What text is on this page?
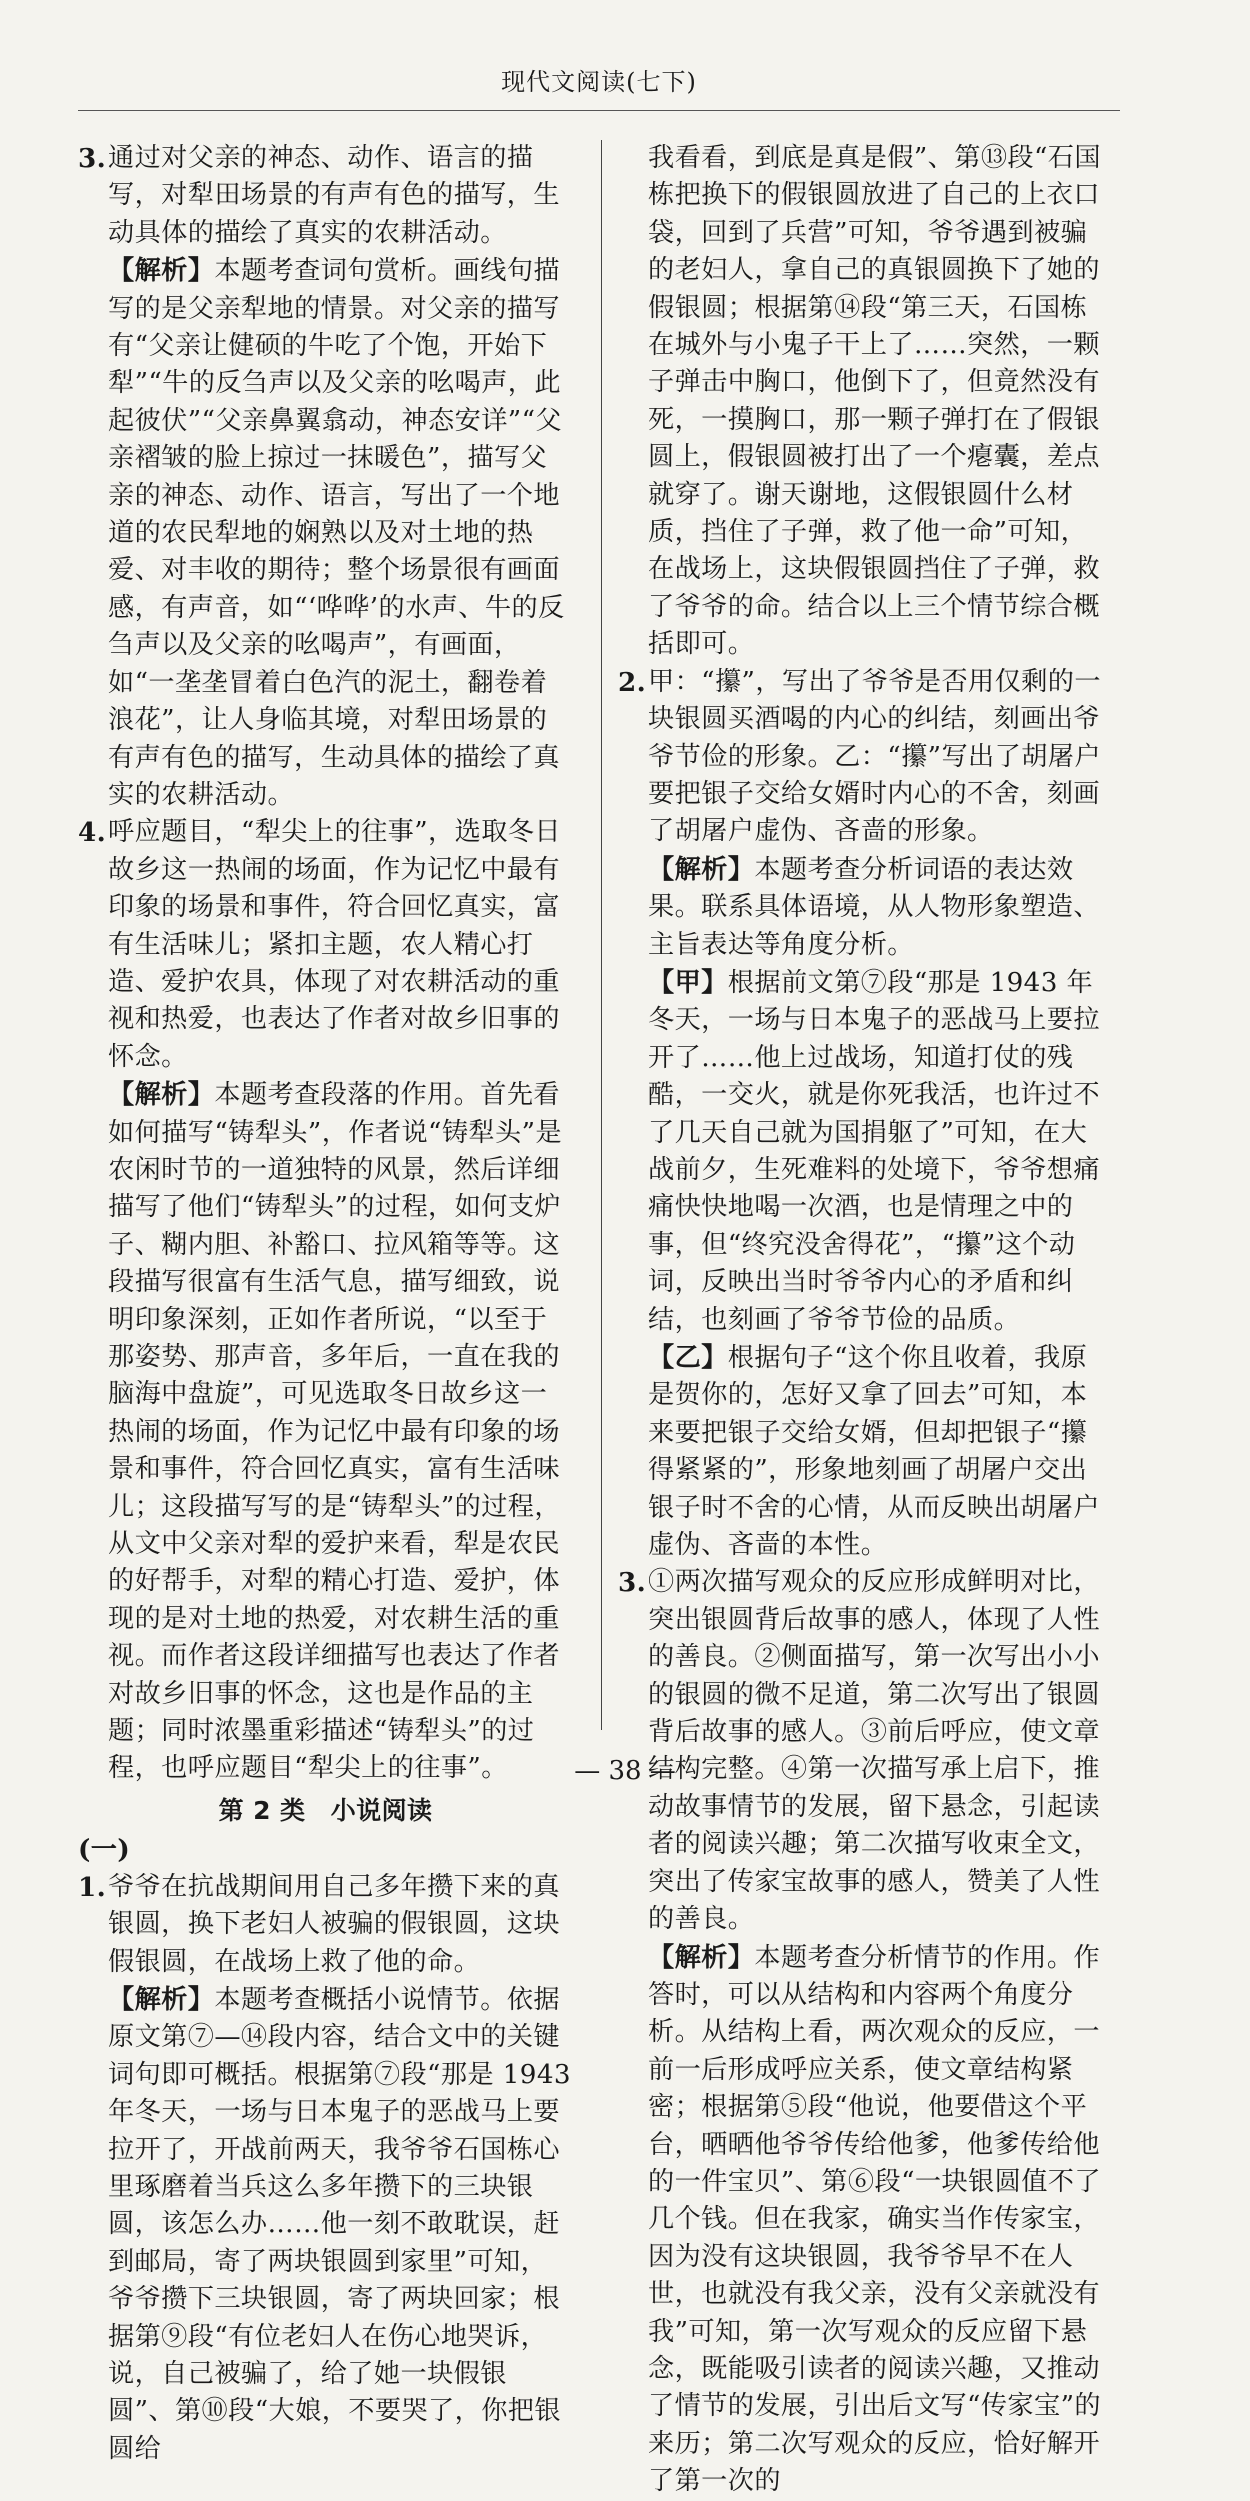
现代文阅读(七下)
3. 通过对父亲的神态、动作、语言的描写，对犁田场景的有声有色的描写，生动具体的描绘了真实的农耕活动。

【解析】本题考查词句赏析。画线句描写的是父亲犁地的情景。对父亲的描写有“父亲让健硕的牛吃了个饱，开始下犁”“牛的反刍声以及父亲的吆喝声，此起彼伏”“父亲鼻翼翕动，神态安详”“父亲褶皱的脸上掠过一抹暖色”，描写父亲的神态、动作、语言，写出了一个地道的农民犁地的娴熟以及对土地的热爱、对丰收的期待；整个场景很有画面感，有声音，如“‘哗哗’的水声、牛的反刍声以及父亲的吆喝声”，有画面，如“一垄垄冒着白色汽的泥土，翻卷着浪花”，让人身临其境，对犁田场景的有声有色的描写，生动具体的描绘了真实的农耕活动。

4. 呼应题目，“犁尖上的往事”，选取冬日故乡这一热闹的场面，作为记忆中最有印象的场景和事件，符合回忆真实，富有生活味儿；紧扣主题，农人精心打造、爱护农具，体现了对农耕活动的重视和热爱，也表达了作者对故乡旧事的怀念。

【解析】本题考查段落的作用。首先看如何描写“铸犁头”，作者说“铸犁头”是农闲时节的一道独特的风景，然后详细描写了他们“铸犁头”的过程，如何支炉子、糊内胆、补豁口、拉风箱等等。这段描写很富有生活气息，描写细致，说明印象深刻，正如作者所说，“以至于那姿势、那声音，多年后，一直在我的脑海中盘旋”，可见选取冬日故乡这一热闹的场面，作为记忆中最有印象的场景和事件，符合回忆真实，富有生活味儿；这段描写写的是“铸犁头”的过程，从文中父亲对犁的爱护来看，犁是农民的好帮手，对犁的精心打造、爱护，体现的是对土地的热爱，对农耕生活的重视。而作者这段详细描写也表达了作者对故乡旧事的怀念，这也是作品的主题；同时浓墨重彩描述“铸犁头”的过程，也呼应题目“犁尖上的往事”。

第 2 类　小说阅读
(一)
1. 爷爷在抗战期间用自己多年攒下来的真银圆，换下老妇人被骗的假银圆，这块假银圆，在战场上救了他的命。

【解析】本题考查概括小说情节。依据原文第⑦—⑭段内容，结合文中的关键词句即可概括。根据第⑦段“那是 1943 年冬天，一场与日本鬼子的恶战马上要拉开了，开战前两天，我爷爷石国栋心里琢磨着当兵这么多年攒下的三块银圆，该怎么办……他一刻不敢耽误，赶到邮局，寄了两块银圆到家里”可知，爷爷攒下三块银圆，寄了两块回家；根据第⑨段“有位老妇人在伤心地哭诉，说，自己被骗了，给了她一块假银圆”、第⑩段“大娘，不要哭了，你把银圆给

我看看，到底是真是假”、第⑬段“石国栋把换下的假银圆放进了自己的上衣口袋，回到了兵营”可知，爷爷遇到被骗的老妇人，拿自己的真银圆换下了她的假银圆；根据第⑭段“第三天，石国栋在城外与小鬼子干上了……突然，一颗子弹击中胸口，他倒下了，但竟然没有死，一摸胸口，那一颗子弹打在了假银圆上，假银圆被打出了一个瘪囊，差点就穿了。谢天谢地，这假银圆什么材质，挡住了子弹，救了他一命”可知，在战场上，这块假银圆挡住了子弹，救了爷爷的命。结合以上三个情节综合概括即可。

2. 甲：“攥”，写出了爷爷是否用仅剩的一块银圆买酒喝的内心的纠结，刻画出爷爷节俭的形象。乙：“攥”写出了胡屠户要把银子交给女婿时内心的不舍，刻画了胡屠户虚伪、吝啬的形象。

【解析】本题考查分析词语的表达效果。联系具体语境，从人物形象塑造、主旨表达等角度分析。

【甲】根据前文第⑦段“那是 1943 年冬天，一场与日本鬼子的恶战马上要拉开了……他上过战场，知道打仗的残酷，一交火，就是你死我活，也许过不了几天自己就为国捐躯了”可知，在大战前夕，生死难料的处境下，爷爷想痛痛快快地喝一次酒，也是情理之中的事，但“终究没舍得花”，“攥”这个动词，反映出当时爷爷内心的矛盾和纠结，也刻画了爷爷节俭的品质。

【乙】根据句子“这个你且收着，我原是贺你的，怎好又拿了回去”可知，本来要把银子交给女婿，但却把银子“攥得紧紧的”，形象地刻画了胡屠户交出银子时不舍的心情，从而反映出胡屠户虚伪、吝啬的本性。

3. ①两次描写观众的反应形成鲜明对比，突出银圆背后故事的感人，体现了人性的善良。②侧面描写，第一次写出小小的银圆的微不足道，第二次写出了银圆背后故事的感人。③前后呼应，使文章结构完整。④第一次描写承上启下，推动故事情节的发展，留下悬念，引起读者的阅读兴趣；第二次描写收束全文，突出了传家宝故事的感人，赞美了人性的善良。

【解析】本题考查分析情节的作用。作答时，可以从结构和内容两个角度分析。从结构上看，两次观众的反应，一前一后形成呼应关系，使文章结构紧密；根据第⑤段“他说，他要借这个平台，晒晒他爷爷传给他爹，他爹传给他的一件宝贝”、第⑥段“一块银圆值不了几个钱。但在我家，确实当作传家宝，因为没有这块银圆，我爷爷早不在人世，也就没有我父亲，没有父亲就没有我”可知，第一次写观众的反应留下悬念，既能吸引读者的阅读兴趣，又推动了情节的发展，引出后文写“传家宝”的来历；第二次写观众的反应，恰好解开了第一次的

— 38 —
